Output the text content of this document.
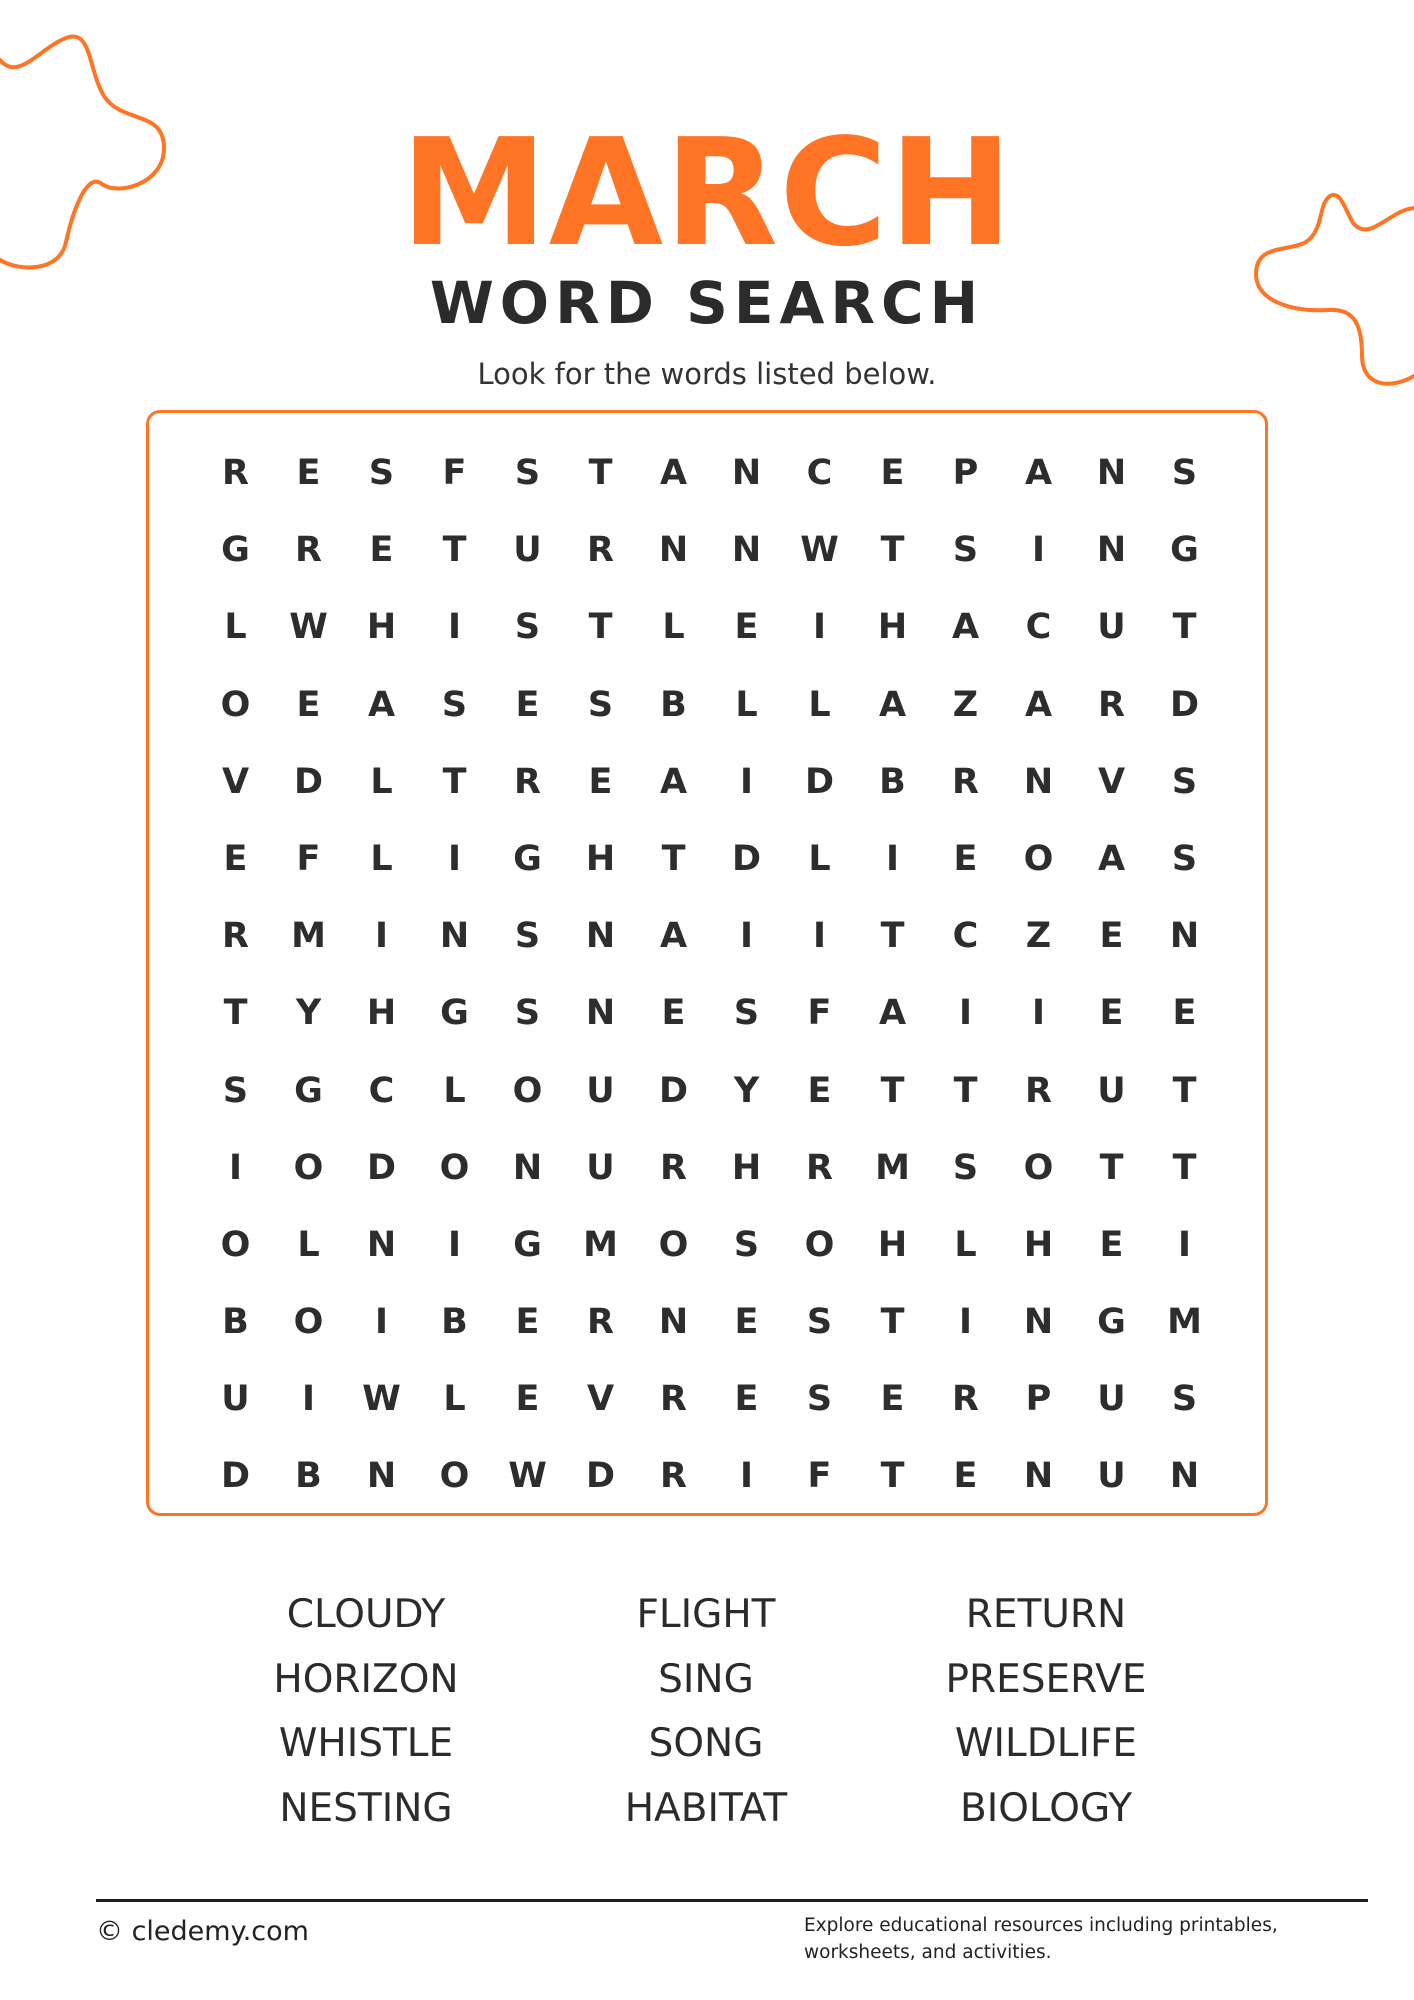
MARCH
WORD SEARCH
Look for the words listed below.
R	E	S	F	S	T	A	N	C	E	P	A	N	S
G	R	E	T	U	R	N	N	W	T	S	I	N	G
L	W	H	I	S	T	L	E	I	H	A	C	U	T
O	E	A	S	E	S	B	L	L	A	Z	A	R	D
V	D	L	T	R	E	A	I	D	B	R	N	V	S
E	F	L	I	G	H	T	D	L	I	E	O	A	S
R	M	I	N	S	N	A	I	I	T	C	Z	E	N
T	Y	H	G	S	N	E	S	F	A	I	I	E	E
S	G	C	L	O	U	D	Y	E	T	T	R	U	T
I	O	D	O	N	U	R	H	R	M	S	O	T	T
O	L	N	I	G	M	O	S	O	H	L	H	E	I
B	O	I	B	E	R	N	E	S	T	I	N	G	M
U	I	W	L	E	V	R	E	S	E	R	P	U	S
D	B	N	O	W	D	R	I	F	T	E	N	U	N
CLOUDY	FLIGHT	RETURN
HORIZON	SING	PRESERVE
WHISTLE	SONG	WILDLIFE
NESTING	HABITAT	BIOLOGY
© cledemy.com	Explore educational resources including printables, worksheets, and activities.
